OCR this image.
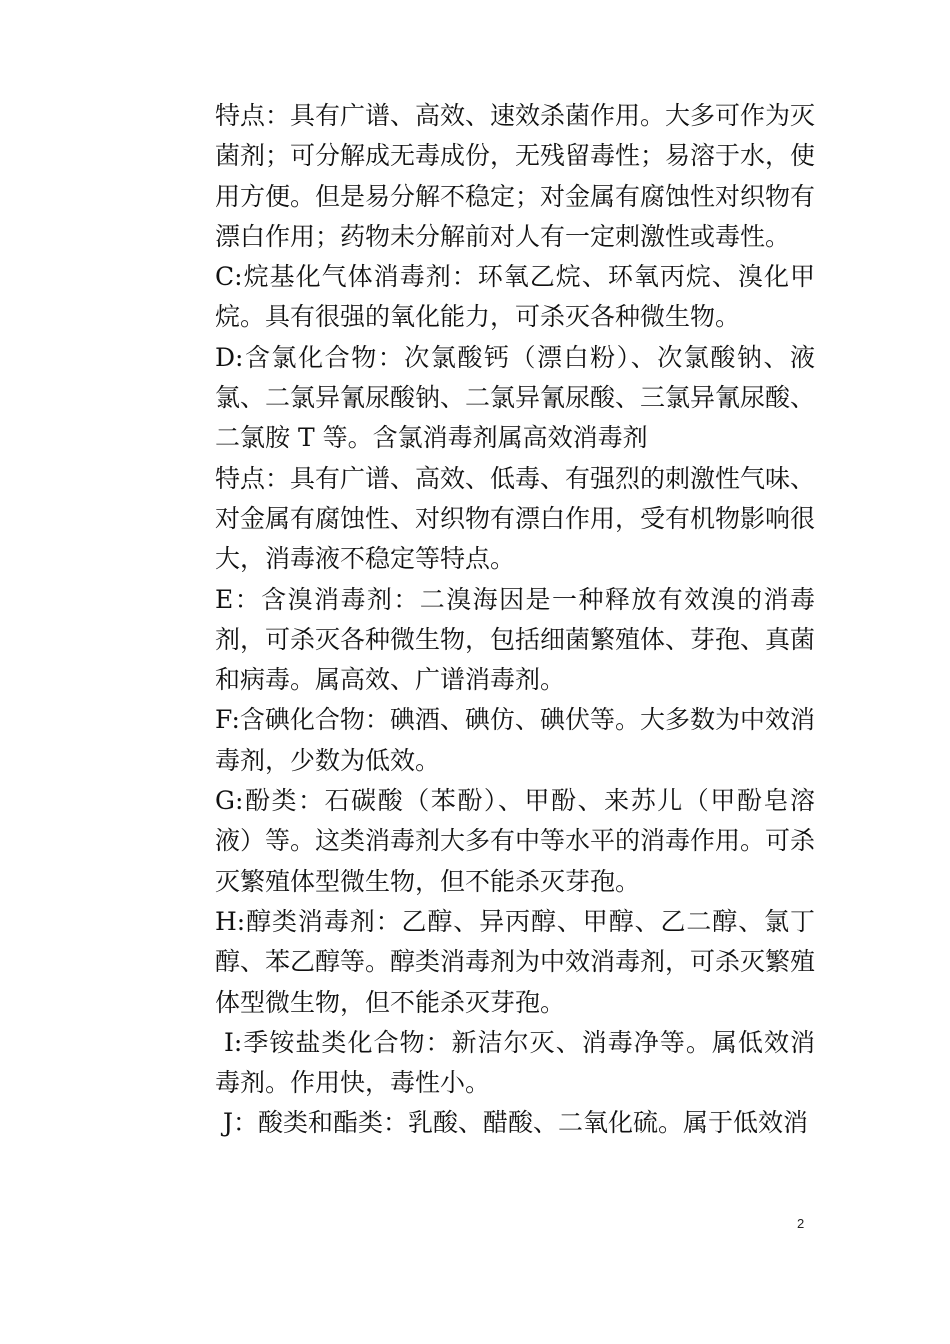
特点：具有广谱、高效、速效杀菌作用。大多可作为灭菌剂；可分解成无毒成份，无残留毒性；易溶于水，使用方便。但是易分解不稳定；对金属有腐蚀性对织物有漂白作用；药物未分解前对人有一定刺激性或毒性。

C:烷基化气体消毒剂：环氧乙烷、环氧丙烷、溴化甲烷。具有很强的氧化能力，可杀灭各种微生物。

D:含氯化合物：次氯酸钙（漂白粉）、次氯酸钠、液氯、二氯异氰尿酸钠、二氯异氰尿酸、三氯异氰尿酸、二氯胺 T 等。含氯消毒剂属高效消毒剂

特点：具有广谱、高效、低毒、有强烈的刺激性气味、对金属有腐蚀性、对织物有漂白作用，受有机物影响很大，消毒液不稳定等特点。

E：含溴消毒剂：二溴海因是一种释放有效溴的消毒剂，可杀灭各种微生物，包括细菌繁殖体、芽孢、真菌和病毒。属高效、广谱消毒剂。

F:含碘化合物：碘酒、碘仿、碘伏等。大多数为中效消毒剂，少数为低效。

G:酚类：石碳酸（苯酚）、甲酚、来苏儿（甲酚皂溶液）等。这类消毒剂大多有中等水平的消毒作用。可杀灭繁殖体型微生物，但不能杀灭芽孢。

H:醇类消毒剂：乙醇、异丙醇、甲醇、乙二醇、氯丁醇、苯乙醇等。醇类消毒剂为中效消毒剂，可杀灭繁殖体型微生物，但不能杀灭芽孢。

I:季铵盐类化合物：新洁尔灭、消毒净等。属低效消毒剂。作用快，毒性小。

J：酸类和酯类：乳酸、醋酸、二氧化硫。属于低效消

2
